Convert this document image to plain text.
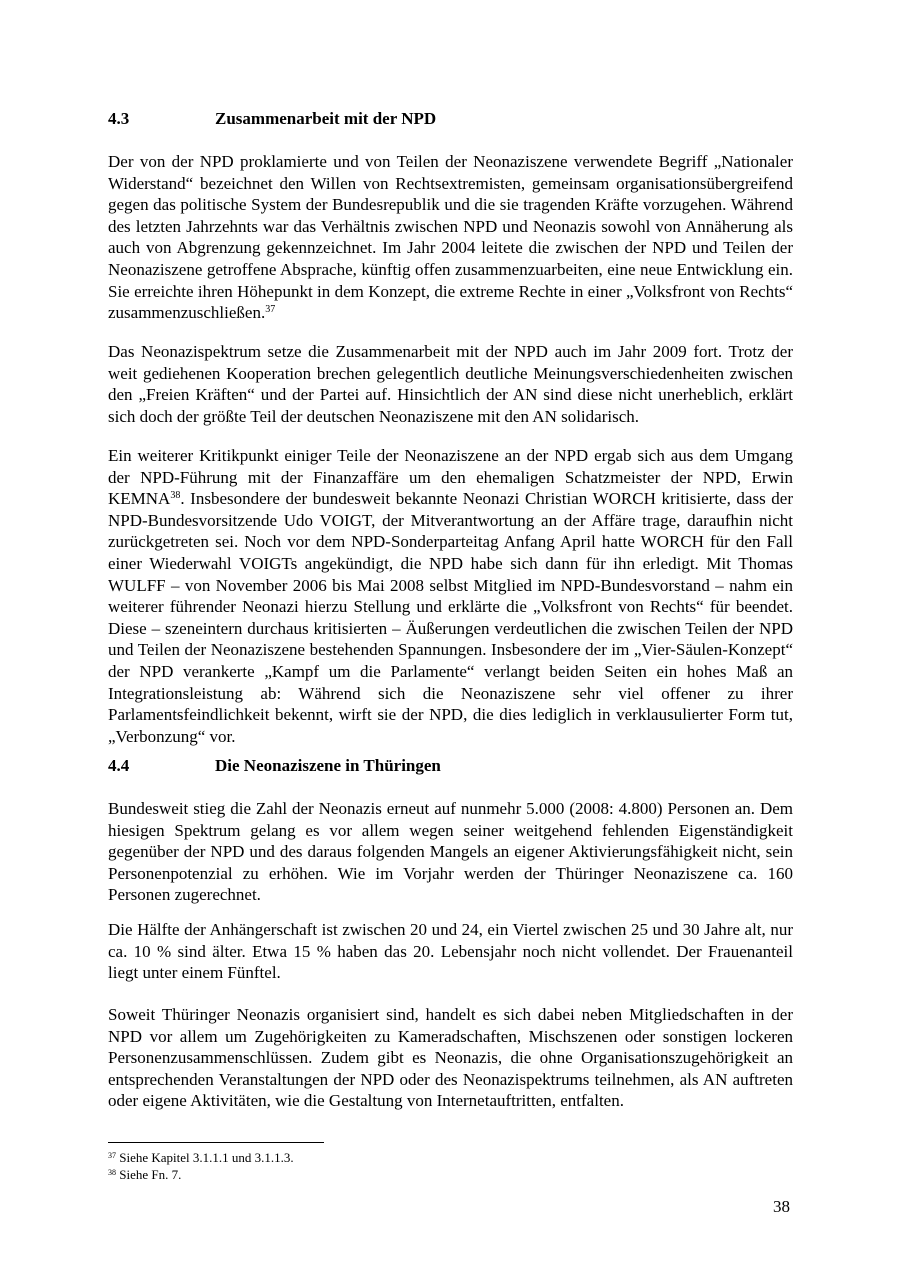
4.3	Zusammenarbeit mit der NPD
Der von der NPD proklamierte und von Teilen der Neonaziszene verwendete Begriff „Nationaler Widerstand“ bezeichnet den Willen von Rechtsextremisten, gemeinsam organisationsübergreifend gegen das politische System der Bundesrepublik und die sie tragenden Kräfte vorzugehen. Während des letzten Jahrzehnts war das Verhältnis zwischen NPD und Neonazis sowohl von Annäherung als auch von Abgrenzung gekennzeichnet. Im Jahr 2004 leitete die zwischen der NPD und Teilen der Neonaziszene getroffene Absprache, künftig offen zusammenzuarbeiten, eine neue Entwicklung ein. Sie erreichte ihren Höhepunkt in dem Konzept, die extreme Rechte in einer „Volksfront von Rechts“ zusammenzuschließen.$^{37}$
Das Neonazispektrum setze die Zusammenarbeit mit der NPD auch im Jahr 2009 fort. Trotz der weit gediehenen Kooperation brechen gelegentlich deutliche Meinungsverschiedenheiten zwischen den „Freien Kräften“ und der Partei auf. Hinsichtlich der AN sind diese nicht unerheblich, erklärt sich doch der größte Teil der deutschen Neonaziszene mit den AN solidarisch.
Ein weiterer Kritikpunkt einiger Teile der Neonaziszene an der NPD ergab sich aus dem Umgang der NPD-Führung mit der Finanzaffäre um den ehemaligen Schatzmeister der NPD, Erwin KEMNA$^{38}$. Insbesondere der bundesweit bekannte Neonazi Christian WORCH kritisierte, dass der NPD-Bundesvorsitzende Udo VOIGT, der Mitverantwortung an der Affäre trage, daraufhin nicht zurückgetreten sei. Noch vor dem NPD-Sonderparteitag Anfang April hatte WORCH für den Fall einer Wiederwahl VOIGTs angekündigt, die NPD habe sich dann für ihn erledigt. Mit Thomas WULFF – von November 2006 bis Mai 2008 selbst Mitglied im NPD-Bundesvorstand – nahm ein weiterer führender Neonazi hierzu Stellung und erklärte die „Volksfront von Rechts“ für beendet. Diese – szeneintern durchaus kritisierten – Äußerungen verdeutlichen die zwischen Teilen der NPD und Teilen der Neonaziszene bestehenden Spannungen. Insbesondere der im „Vier-Säulen-Konzept“ der NPD verankerte „Kampf um die Parlamente“ verlangt beiden Seiten ein hohes Maß an Integrationsleistung ab: Während sich die Neonaziszene sehr viel offener zu ihrer Parlamentsfeindlichkeit bekennt, wirft sie der NPD, die dies lediglich in verklausulierter Form tut, „Verbonzung“ vor.
4.4	Die Neonaziszene in Thüringen
Bundesweit stieg die Zahl der Neonazis erneut auf nunmehr 5.000 (2008: 4.800) Personen an. Dem hiesigen Spektrum gelang es vor allem wegen seiner weitgehend fehlenden Eigenständigkeit gegenüber der NPD und des daraus folgenden Mangels an eigener Aktivierungsfähigkeit nicht, sein Personenpotenzial zu erhöhen. Wie im Vorjahr werden der Thüringer Neonaziszene ca. 160 Personen zugerechnet.
Die Hälfte der Anhängerschaft ist zwischen 20 und 24, ein Viertel zwischen 25 und 30 Jahre alt, nur ca. 10 % sind älter. Etwa 15 % haben das 20. Lebensjahr noch nicht vollendet. Der Frauenanteil liegt unter einem Fünftel.
Soweit Thüringer Neonazis organisiert sind, handelt es sich dabei neben Mitgliedschaften in der NPD vor allem um Zugehörigkeiten zu Kameradschaften, Mischszenen oder sonstigen lockeren Personenzusammenschlüssen. Zudem gibt es Neonazis, die ohne Organisationszugehörigkeit an entsprechenden Veranstaltungen der NPD oder des Neonazispektrums teilnehmen, als AN auftreten oder eigene Aktivitäten, wie die Gestaltung von Internetauftritten, entfalten.
$^{37}$ Siehe Kapitel 3.1.1.1 und 3.1.1.3.
$^{38}$ Siehe Fn. 7.
38
